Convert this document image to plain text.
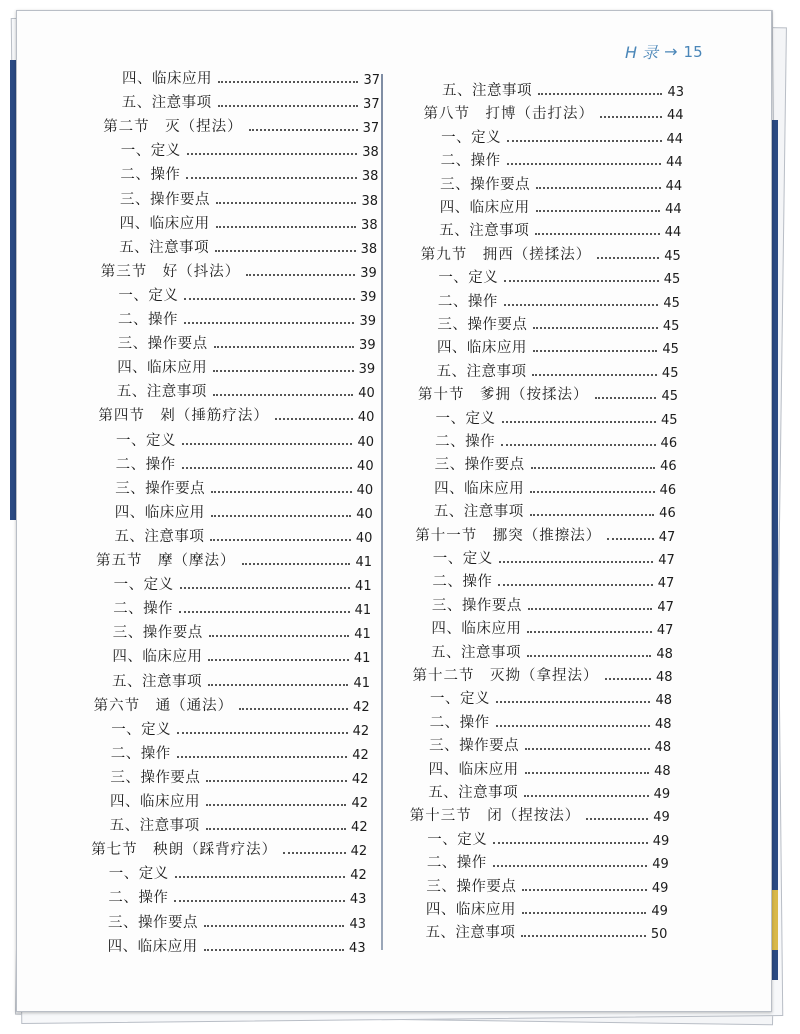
H 录 → 15
四、临床应用	37
五、注意事项	37
第二节　灭（捏法）	37
一、定义	38
二、操作	38
三、操作要点	38
四、临床应用	38
五、注意事项	38
第三节　好（抖法）	39
一、定义	39
二、操作	39
三、操作要点	39
四、临床应用	39
五、注意事项	40
第四节　剁（捶筋疗法）	40
一、定义	40
二、操作	40
三、操作要点	40
四、临床应用	40
五、注意事项	40
第五节　摩（摩法）	41
一、定义	41
二、操作	41
三、操作要点	41
四、临床应用	41
五、注意事项	41
第六节　通（通法）	42
一、定义	42
二、操作	42
三、操作要点	42
四、临床应用	42
五、注意事项	42
第七节　秧朗（踩背疗法）	42
一、定义	42
二、操作	43
三、操作要点	43
四、临床应用	43
五、注意事项	43
第八节　打博（击打法）	44
一、定义	44
二、操作	44
三、操作要点	44
四、临床应用	44
五、注意事项	44
第九节　拥西（搓揉法）	45
一、定义	45
二、操作	45
三、操作要点	45
四、临床应用	45
五、注意事项	45
第十节　爹拥（按揉法）	45
一、定义	45
二、操作	46
三、操作要点	46
四、临床应用	46
五、注意事项	46
第十一节　挪突（推擦法）	47
一、定义	47
二、操作	47
三、操作要点	47
四、临床应用	47
五、注意事项	48
第十二节　灭拗（拿捏法）	48
一、定义	48
二、操作	48
三、操作要点	48
四、临床应用	48
五、注意事项	49
第十三节　闭（捏按法）	49
一、定义	49
二、操作	49
三、操作要点	49
四、临床应用	49
五、注意事项	50
